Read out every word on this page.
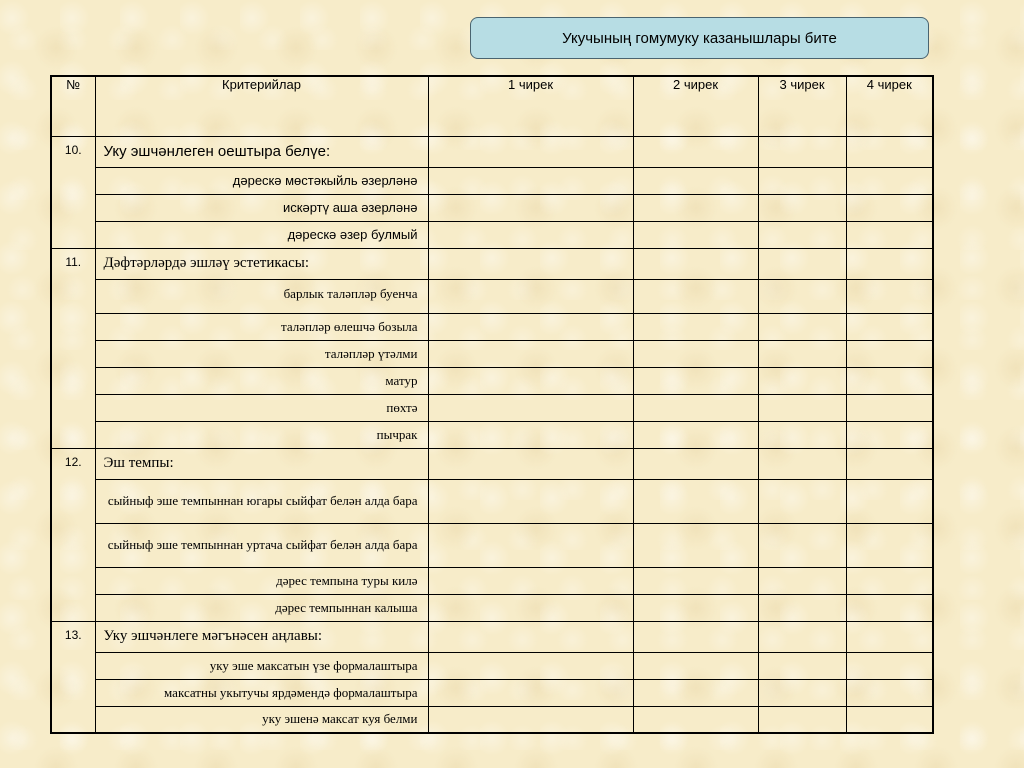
Укучының гомумуку казанышлары бите
№	Критерийлар	1 чирек	2 чирек	3 чирек	4 чирек
10.	Уку эшчәнлеген оештыра белүе:				
	дәрескә мөстәкыйль әзерләнә				
	искәртү аша әзерләнә				
	дәрескә әзер булмый				
11.	Дәфтәрләрдә эшләү эстетикасы:				
	барлык таләпләр буенча				
	таләпләр өлешчә бозыла				
	таләпләр үтәлми				
	матур				
	пөхтә				
	пычрак				
12.	Эш темпы:				
	сыйныф эше темпыннан югары сыйфат белән алда бара				
	сыйныф эше темпыннан уртача сыйфат белән алда бара				
	дәрес темпына туры килә				
	дәрес темпыннан калыша				
13.	Уку эшчәнлеге мәгънәсен аңлавы:				
	уку эше максатын үзе формалаштыра				
	максатны укытучы ярдәмендә формалаштыра				
	уку эшенә максат куя белми				
